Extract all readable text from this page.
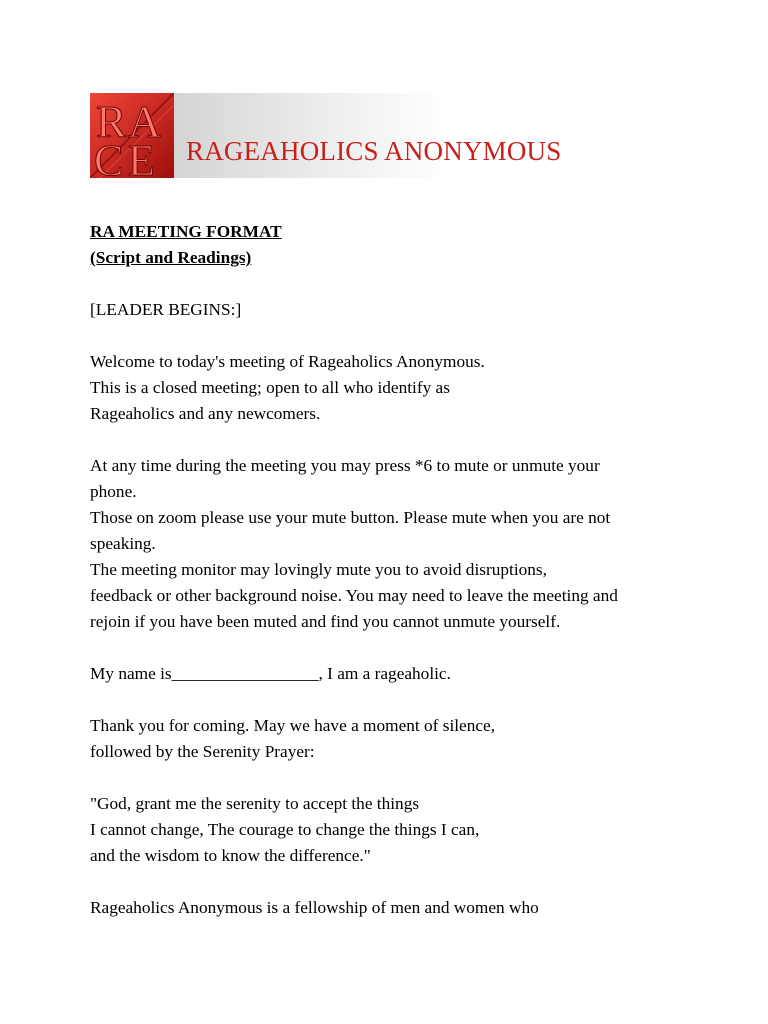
R A
C E RAGEAHOLICS ANONYMOUS
RA MEETING FORMAT
(Script and Readings)
[LEADER BEGINS:]
Welcome to today's meeting of Rageaholics Anonymous.
This is a closed meeting; open to all who identify as
Rageaholics and any newcomers.
At any time during the meeting you may press *6 to mute or unmute your
phone.
Those on zoom please use your mute button. Please mute when you are not
speaking.
The meeting monitor may lovingly mute you to avoid disruptions,
feedback or other background noise. You may need to leave the meeting and
rejoin if you have been muted and find you cannot unmute yourself.
My name is_________________, I am a rageaholic.
Thank you for coming. May we have a moment of silence,
followed by the Serenity Prayer:
"God, grant me the serenity to accept the things
I cannot change, The courage to change the things I can,
and the wisdom to know the difference."
Rageaholics Anonymous is a fellowship of men and women who
